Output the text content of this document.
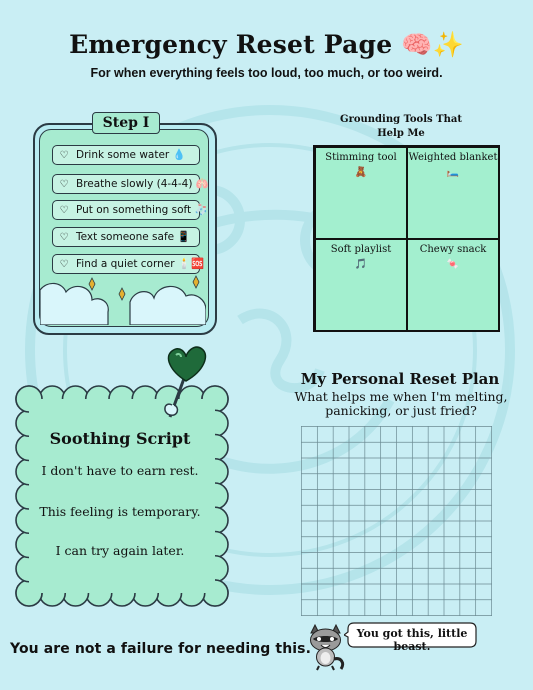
Emergency Reset Page 🧠✨
For when everything feels too loud, too much, or too weird.
Step I
♡ Drink some water 💧
♡ Breathe slowly (4-4-4) 🫁
♡ Put on something soft 🧦
♡ Text someone safe 📱
♡ Find a quiet corner 🕯️🆘
Grounding Tools That Help Me
Stimming tool
🧸
Weighted blanket
🛏️
Soft playlist
🎵
Chewy snack
🍬
Soothing Script
I don't have to earn rest.
This feeling is temporary.
I can try again later.
My Personal Reset Plan
What helps me when I'm melting, panicking, or just fried?
You are not a failure for needing this.
You got this, little beast.
